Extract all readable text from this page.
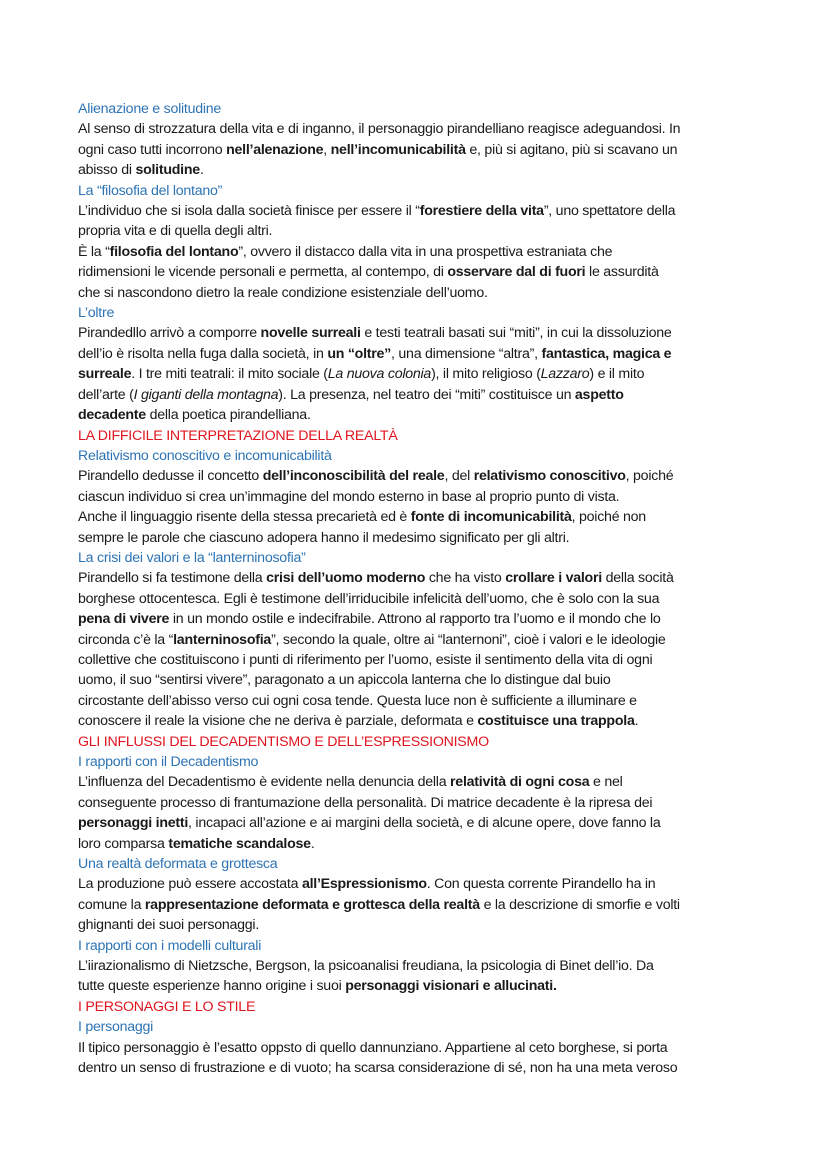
Alienazione e solitudine
Al senso di strozzatura della vita e di inganno, il personaggio pirandelliano reagisce adeguandosi. In
ogni caso tutti incorrono nell’alenazione, nell’incomunicabilità e, più si agitano, più si scavano un
abisso di solitudine.
La “filosofia del lontano”
L’individuo che si isola dalla società finisce per essere il “forestiere della vita”, uno spettatore della
propria vita e di quella degli altri.
È la “filosofia del lontano”, ovvero il distacco dalla vita in una prospettiva estraniata che
ridimensioni le vicende personali e permetta, al contempo, di osservare dal di fuori le assurdità
che si nascondono dietro la reale condizione esistenziale dell’uomo.
L’oltre
Pirandedllo arrivò a comporre novelle surreali e testi teatrali basati sui “miti”, in cui la dissoluzione
dell’io è risolta nella fuga dalla società, in un “oltre”, una dimensione “altra”, fantastica, magica e
surreale. I tre miti teatrali: il mito sociale (La nuova colonia), il mito religioso (Lazzaro) e il mito
dell’arte (I giganti della montagna). La presenza, nel teatro dei “miti” costituisce un aspetto
decadente della poetica pirandelliana.
LA DIFFICILE INTERPRETAZIONE DELLA REALTÀ
Relativismo conoscitivo e incomunicabilità
Pirandello dedusse il concetto dell’inconoscibilità del reale, del relativismo conoscitivo, poiché
ciascun individuo si crea un’immagine del mondo esterno in base al proprio punto di vista.
Anche il linguaggio risente della stessa precarietà ed è fonte di incomunicabilità, poiché non
sempre le parole che ciascuno adopera hanno il medesimo significato per gli altri.
La crisi dei valori e la “lanterninosofia”
Pirandello si fa testimone della crisi dell’uomo moderno che ha visto crollare i valori della socità
borghese ottocentesca. Egli è testimone dell’irriducibile infelicità dell’uomo, che è solo con la sua
pena di vivere in un mondo ostile e indecifrabile. Attrono al rapporto tra l’uomo e il mondo che lo
circonda c’è la “lanterninosofia”, secondo la quale, oltre ai “lanternoni”, cioè i valori e le ideologie
collettive che costituiscono i punti di riferimento per l’uomo, esiste il sentimento della vita di ogni
uomo, il suo “sentirsi vivere”, paragonato a un apiccola lanterna che lo distingue dal buio
circostante dell’abisso verso cui ogni cosa tende. Questa luce non è sufficiente a illuminare e
conoscere il reale la visione che ne deriva è parziale, deformata e costituisce una trappola.
GLI INFLUSSI DEL DECADENTISMO E DELL’ESPRESSIONISMO
I rapporti con il Decadentismo
L’influenza del Decadentismo è evidente nella denuncia della relatività di ogni cosa e nel
conseguente processo di frantumazione della personalità. Di matrice decadente è la ripresa dei
personaggi inetti, incapaci all’azione e ai margini della società, e di alcune opere, dove fanno la
loro comparsa tematiche scandalose.
Una realtà deformata e grottesca
La produzione può essere accostata all’Espressionismo. Con questa corrente Pirandello ha in
comune la rappresentazione deformata e grottesca della realtà e la descrizione di smorfie e volti
ghignanti dei suoi personaggi.
I rapporti con i modelli culturali
L’iirazionalismo di Nietzsche, Bergson, la psicoanalisi freudiana, la psicologia di Binet dell’io. Da
tutte queste esperienze hanno origine i suoi personaggi visionari e allucinati.
I PERSONAGGI E LO STILE
I personaggi
Il tipico personaggio è l’esatto oppsto di quello dannunziano. Appartiene al ceto borghese, si porta
dentro un senso di frustrazione e di vuoto; ha scarsa considerazione di sé, non ha una meta veroso
